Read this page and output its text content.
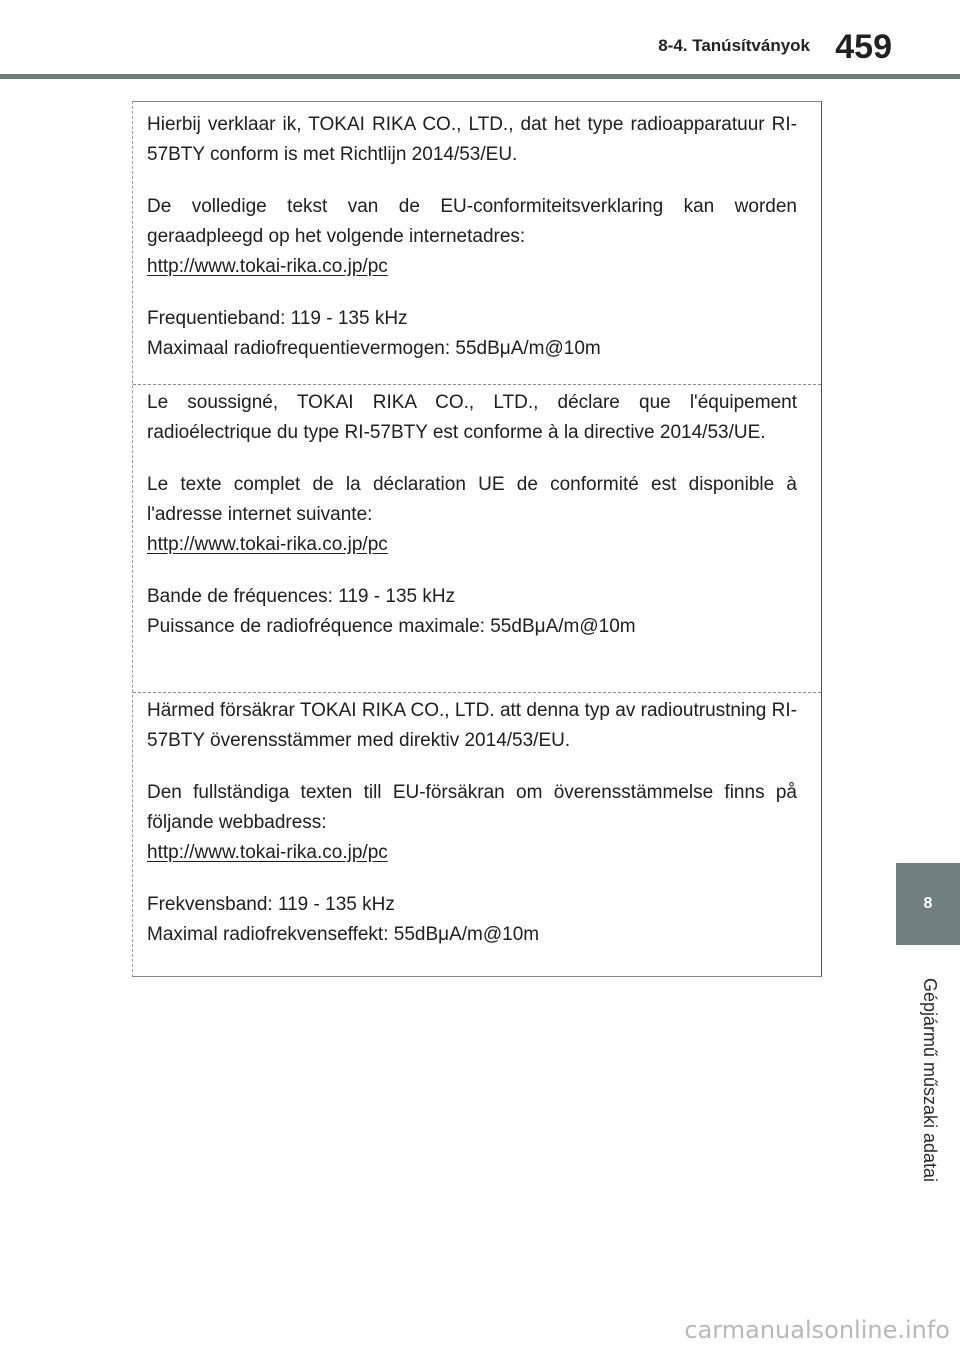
8-4. Tanúsítványok 459

Hierbij verklaar ik, TOKAI RIKA CO., LTD., dat het type radioapparatuur RI-57BTY conform is met Richtlijn 2014/53/EU.

De volledige tekst van de EU-conformiteitsverklaring kan worden geraadpleegd op het volgende internetadres:

http://www.tokai-rika.co.jp/pc

Frequentieband: 119 - 135 kHz

Maximaal radiofrequentievermogen: 55dBμA/m@10m

Le soussigné, TOKAI RIKA CO., LTD., déclare que l'équipement radioélectrique du type RI-57BTY est conforme à la directive 2014/53/UE.

Le texte complet de la déclaration UE de conformité est disponible à l'adresse internet suivante:

http://www.tokai-rika.co.jp/pc

Bande de fréquences: 119 - 135 kHz

Puissance de radiofréquence maximale: 55dBμA/m@10m

Härmed försäkrar TOKAI RIKA CO., LTD. att denna typ av radioutrustning RI-57BTY överensstämmer med direktiv 2014/53/EU.

Den fullständiga texten till EU-försäkran om överensstämmelse finns på följande webbadress:

http://www.tokai-rika.co.jp/pc

Frekvensband: 119 - 135 kHz

Maximal radiofrekvenseffekt: 55dBμA/m@10m

8
Gépjármű műszaki adatai
carmanualsonline.info
